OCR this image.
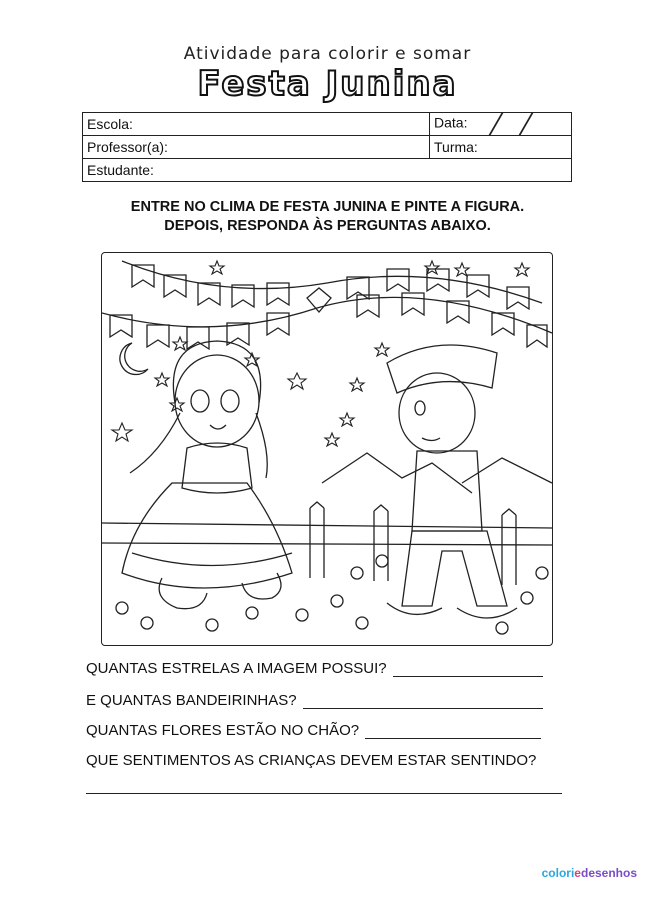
Atividade para colorir e somar
Festa Junina
Escola:	Data:
Professor(a):	Turma:
Estudante:	
ENTRE NO CLIMA DE FESTA JUNINA E PINTE A FIGURA.
DEPOIS, RESPONDA ÀS PERGUNTAS ABAIXO.
QUANTAS ESTRELAS A IMAGEM POSSUI?
E QUANTAS BANDEIRINHAS?
QUANTAS FLORES ESTÃO NO CHÃO?
QUE SENTIMENTOS AS CRIANÇAS DEVEM ESTAR SENTINDO?
coloriedesenhos
